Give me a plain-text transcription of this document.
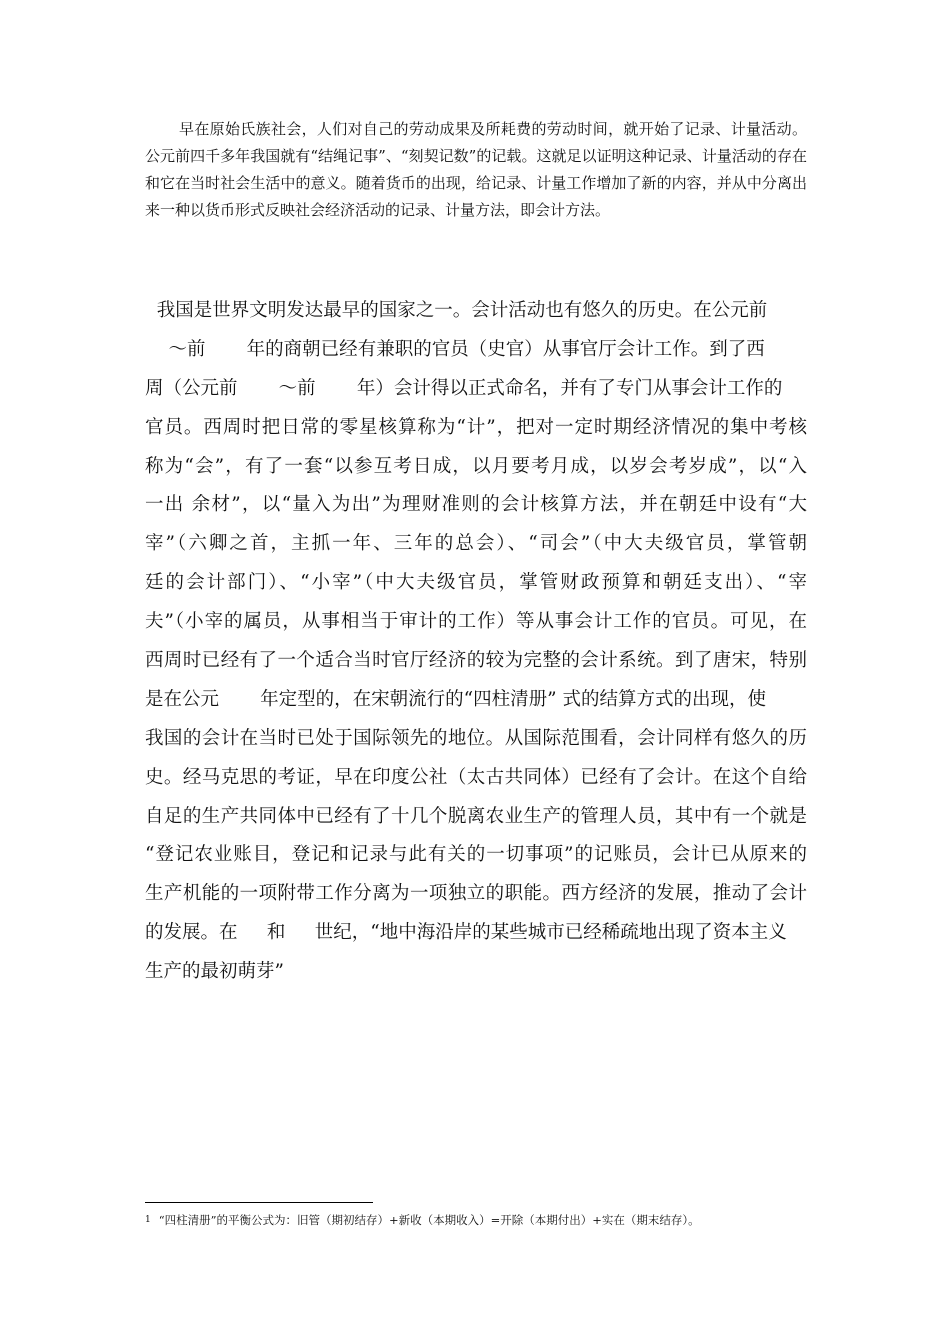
早在原始氏族社会，人们对自己的劳动成果及所耗费的劳动时间，就开始了记录、计量活动。公元前四千多年我国就有“结绳记事”、“刻契记数”的记载。这就足以证明这种记录、计量活动的存在和它在当时社会生活中的意义。随着货币的出现，给记录、计量工作增加了新的内容，并从中分离出来一种以货币形式反映社会经济活动的记录、计量方法，即会计方法。

我国是世界文明发达最早的国家之一。会计活动也有悠久的历史。在公元前
～前       年的商朝已经有兼职的官员（史官）从事官厅会计工作。到了西
周（公元前       ～前       年）会计得以正式命名，并有了专门从事会计工作的
官员。西周时把日常的零星核算称为“计”，把对一定时期经济情况的集中考核
称为“会”，有了一套“以参互考日成，以月要考月成，以岁会考岁成”，以“入
一出 余材”，以“量入为出”为理财准则的会计核算方法，并在朝廷中设有“大
宰”（六卿之首，主抓一年、三年的总会）、“司会”（中大夫级官员，掌管朝
廷的会计部门）、“小宰”（中大夫级官员，掌管财政预算和朝廷支出）、“宰
夫”（小宰的属员，从事相当于审计的工作）等从事会计工作的官员。可见，在
西周时已经有了一个适合当时官厅经济的较为完整的会计系统。到了唐宋，特别
是在公元       年定型的，在宋朝流行的“四柱清册” 式的结算方式的出现，使
我国的会计在当时已处于国际领先的地位。从国际范围看，会计同样有悠久的历
史。经马克思的考证，早在印度公社（太古共同体）已经有了会计。在这个自给
自足的生产共同体中已经有了十几个脱离农业生产的管理人员，其中有一个就是
“登记农业账目，登记和记录与此有关的一切事项”的记账员，会计已从原来的
生产机能的一项附带工作分离为一项独立的职能。西方经济的发展，推动了会计
的发展。在     和     世纪，“地中海沿岸的某些城市已经稀疏地出现了资本主义
生产的最初萌芽”

$^1$ “四柱清册”的平衡公式为：旧管（期初结存）+新收（本期收入）=开除（本期付出）+实在（期末结存）。
